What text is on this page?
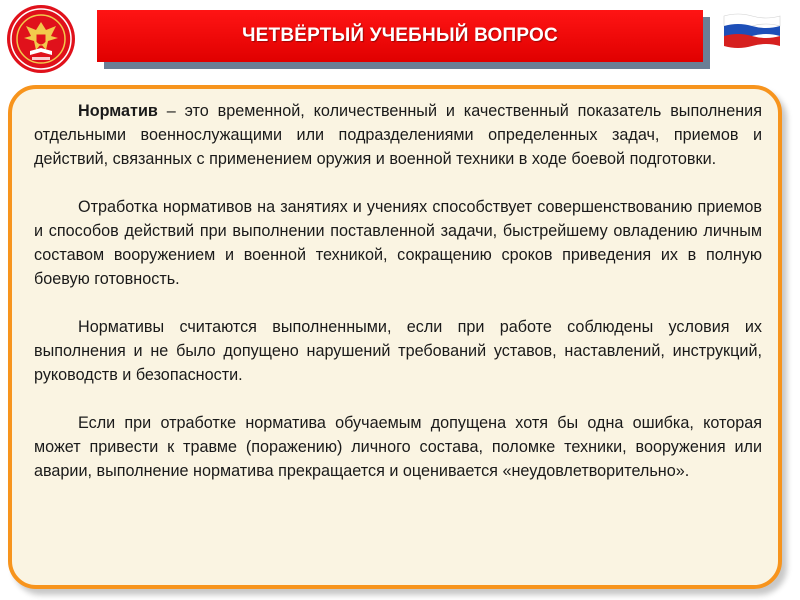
ЧЕТВЁРТЫЙ УЧЕБНЫЙ ВОПРОС

Норматив – это временной, количественный и качественный показатель выполнения отдельными военнослужащими или подразделениями определенных задач, приемов и действий, связанных с применением оружия и военной техники в ходе боевой подготовки.

Отработка нормативов на занятиях и учениях способствует совершенствованию приемов и способов действий при выполнении поставленной задачи, быстрейшему овладению личным составом вооружением и военной техникой, сокращению сроков приведения их в полную боевую готовность.

Нормативы считаются выполненными, если при работе соблюдены условия их выполнения и не было допущено нарушений требований уставов, наставлений, инструкций, руководств и безопасности.

Если при отработке норматива обучаемым допущена хотя бы одна ошибка, которая может привести к травме (поражению) личного состава, поломке техники, вооружения или аварии, выполнение норматива прекращается и оценивается «неудовлетворительно».
